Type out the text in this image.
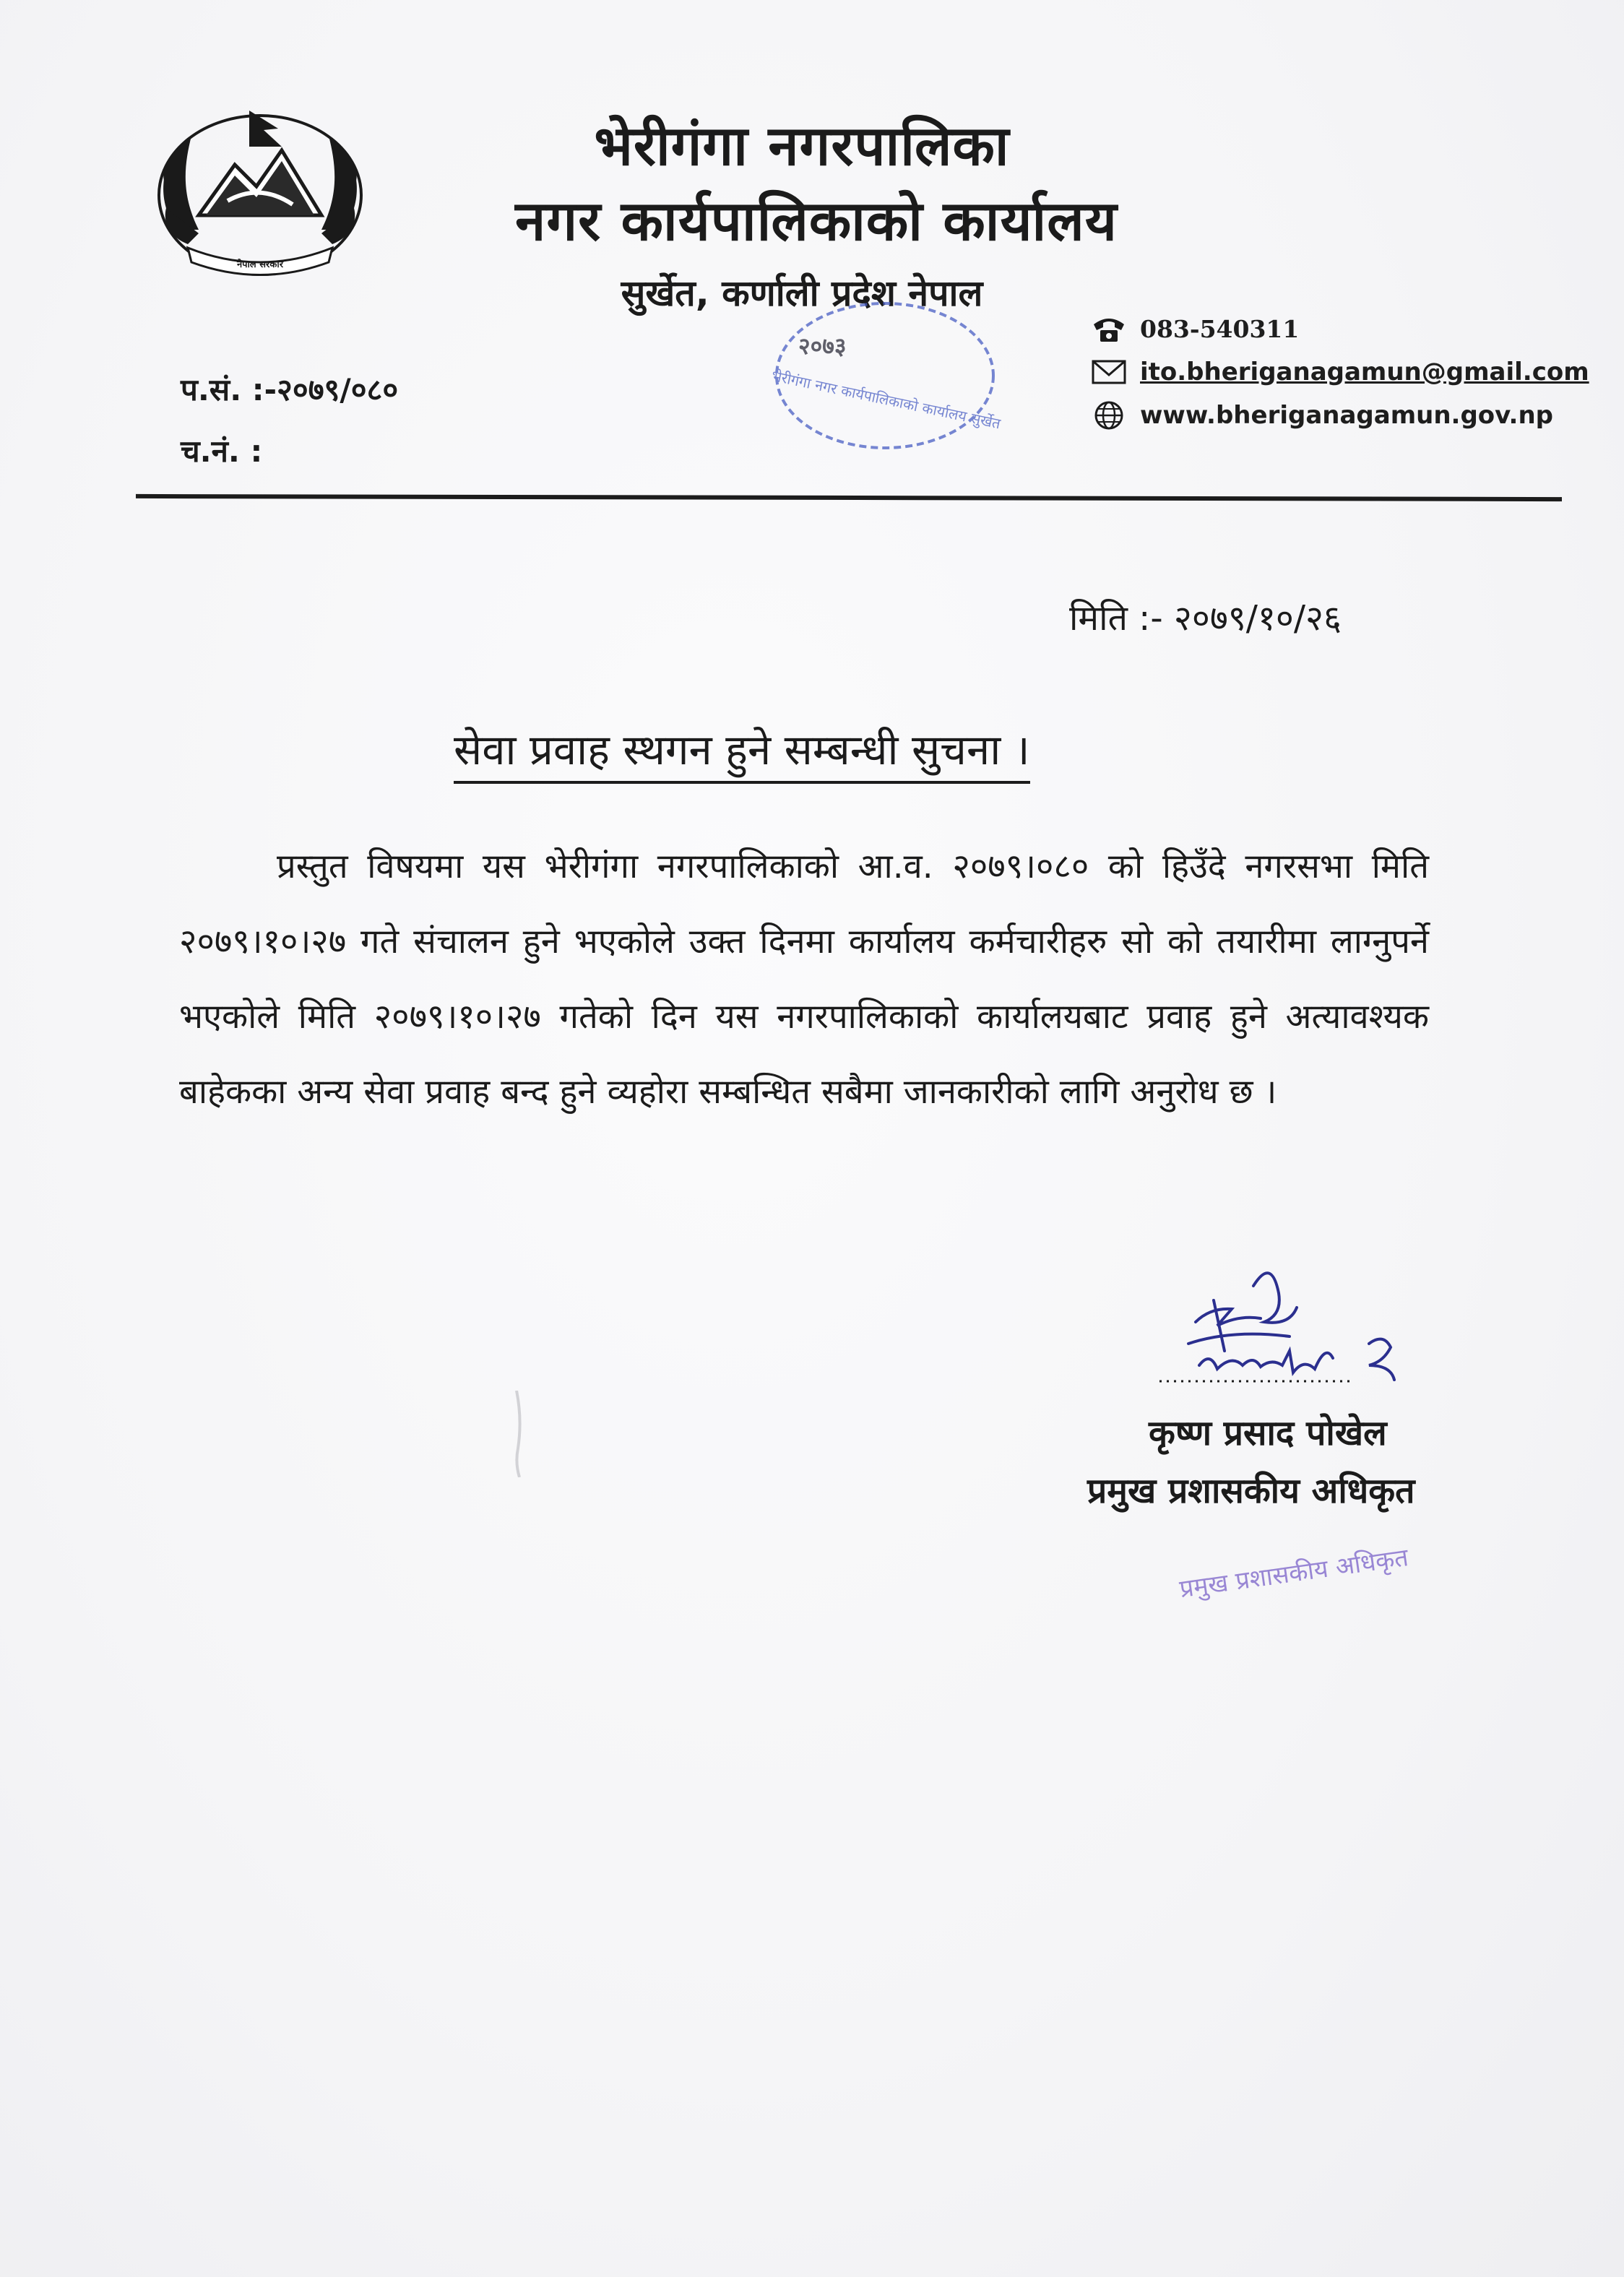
नेपाल सरकार
भेरीगंगा नगरपालिका
नगर कार्यपालिकाको कार्यालय
सुर्खेत, कर्णाली प्रदेश नेपाल
२०७३
भेरीगंगा नगर कार्यपालिकाको कार्यालय सुर्खेत
प.सं. :-२०७९/०८०
च.नं. :
083-540311
ito.bheriganagamun@gmail.com
www.bheriganagamun.gov.np
मिति :- २०७९/१०/२६
सेवा प्रवाह स्थगन हुने सम्बन्धी सुचना ।
प्रस्तुत विषयमा यस भेरीगंगा नगरपालिकाको आ.व. २०७९।०८० को हिउँदे नगरसभा मिति २०७९।१०।२७ गते संचालन हुने भएकोले उक्त दिनमा कार्यालय कर्मचारीहरु सो को तयारीमा लाग्नुपर्ने भएकोले मिति २०७९।१०।२७ गतेको दिन यस नगरपालिकाको कार्यालयबाट प्रवाह हुने अत्यावश्यक बाहेकका अन्य सेवा प्रवाह बन्द हुने व्यहोरा सम्बन्धित सबैमा जानकारीको लागि अनुरोध छ ।
कृष्ण प्रसाद पोखेल
प्रमुख प्रशासकीय अधिकृत
प्रमुख प्रशासकीय अधिकृत
